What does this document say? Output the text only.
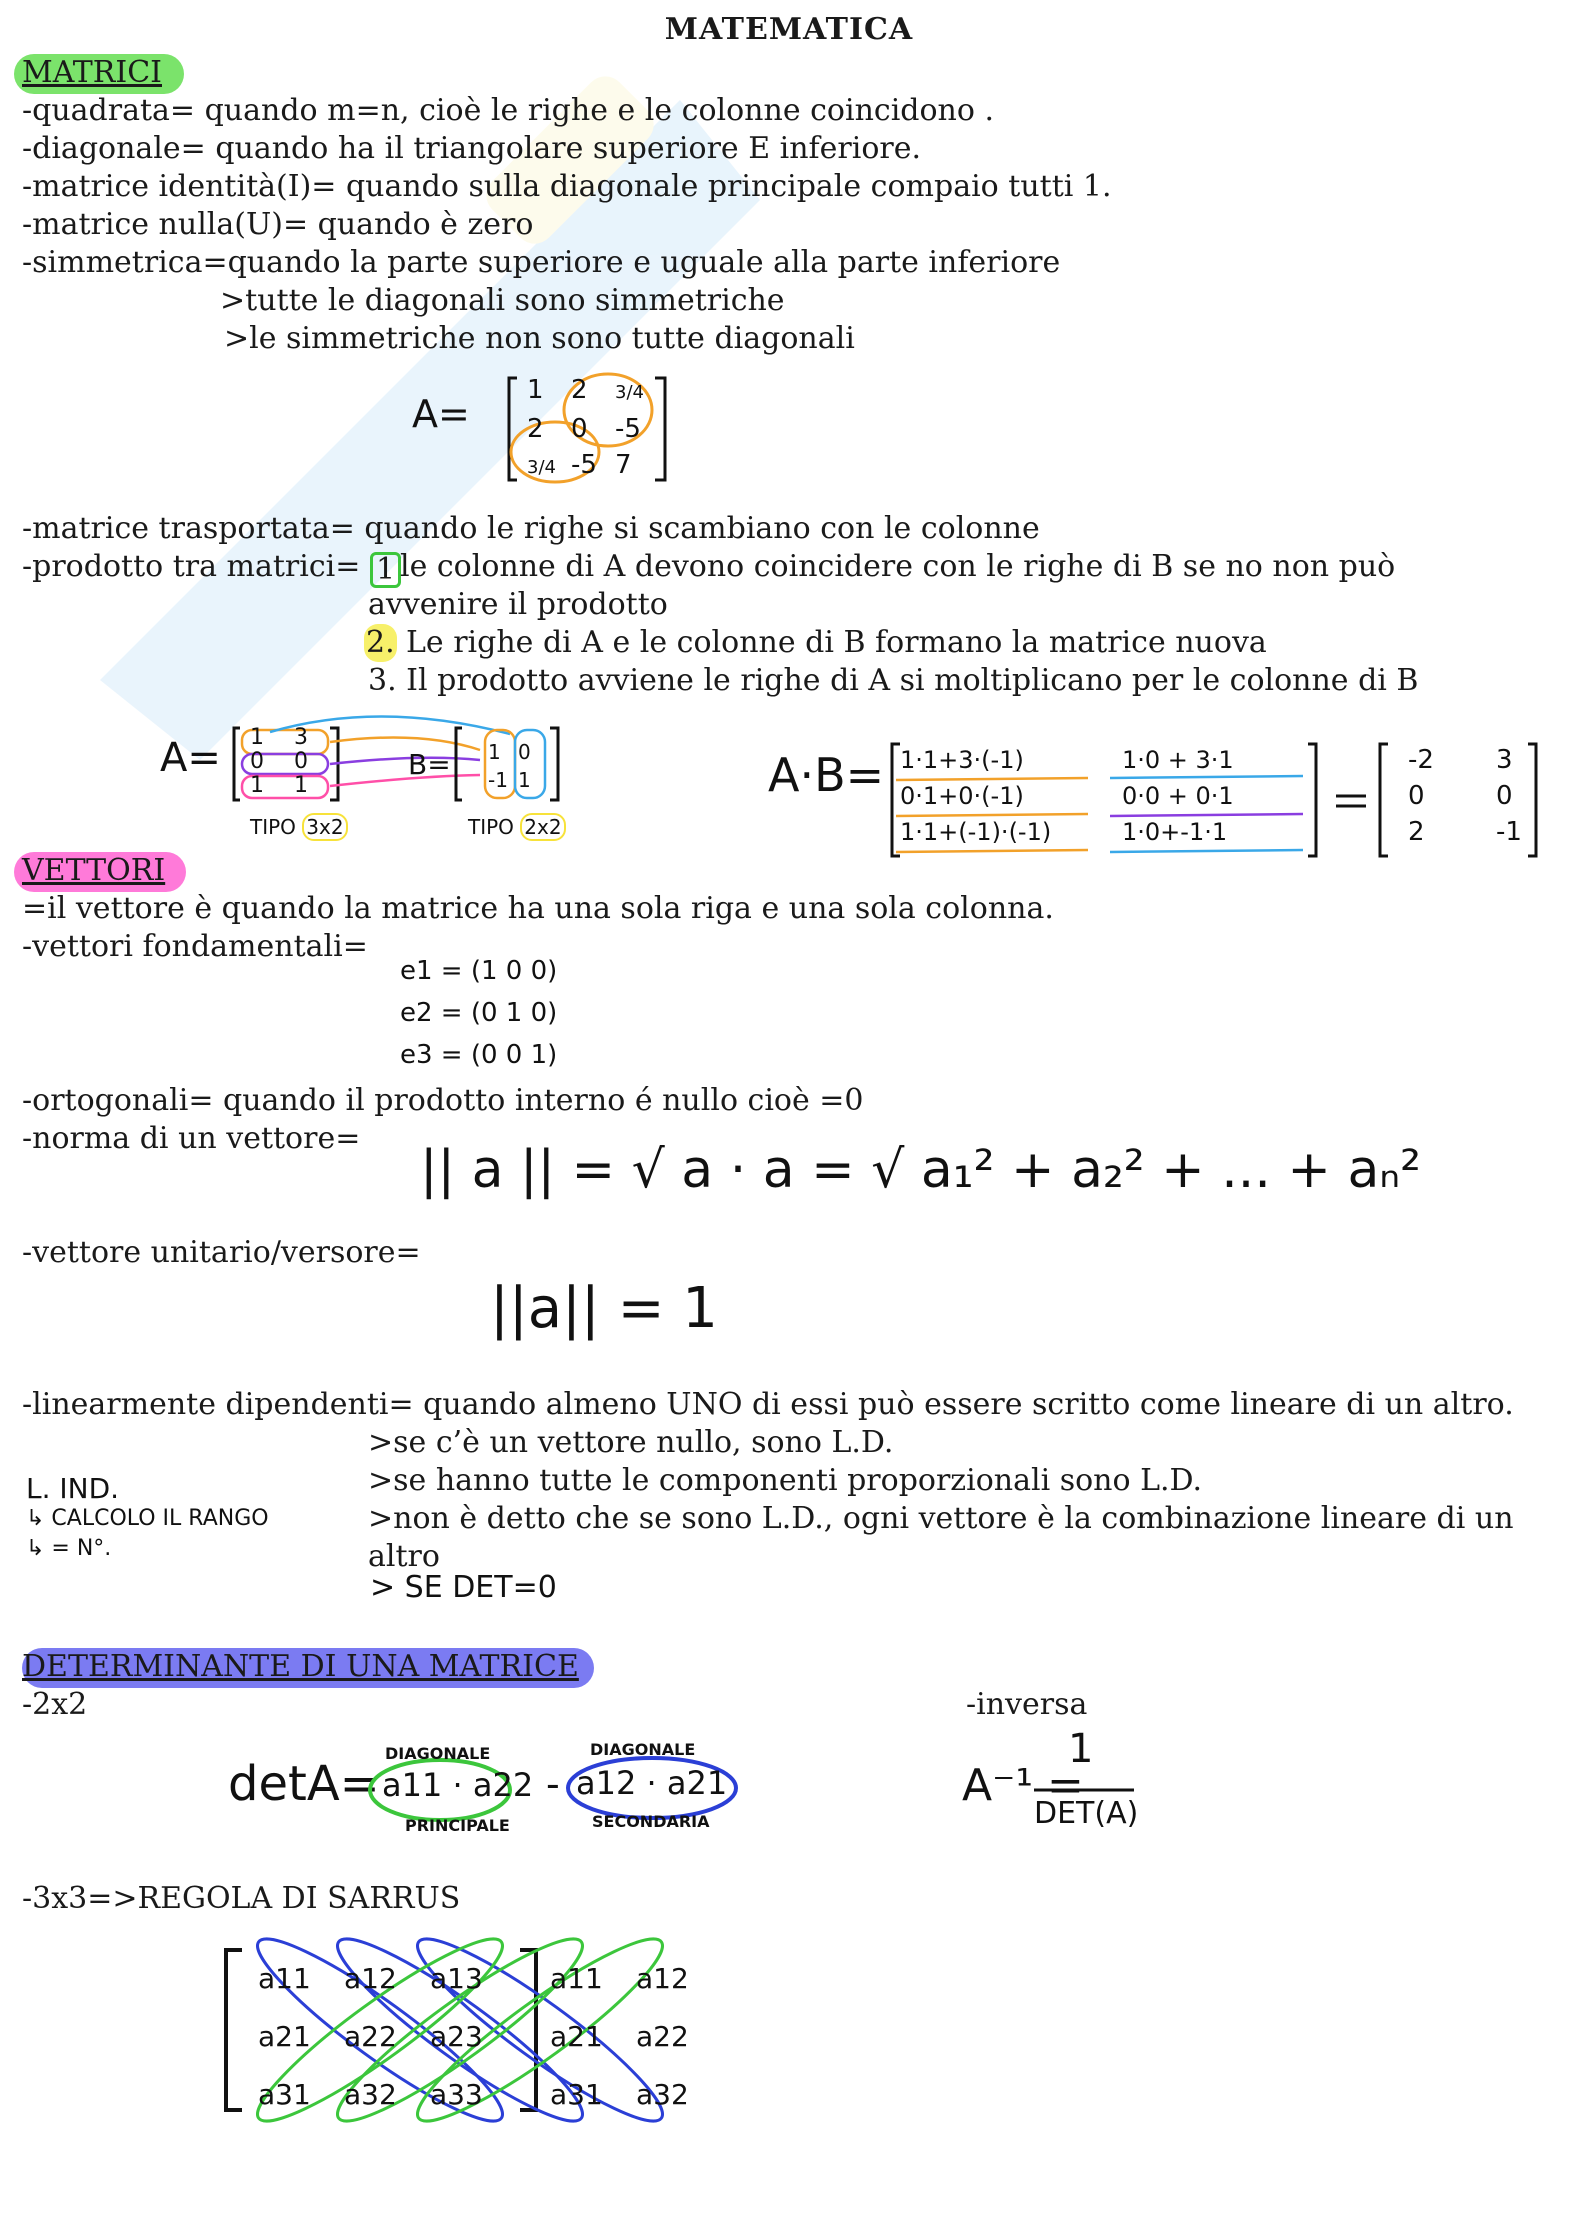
MATEMATICA
MATRICI
-quadrata= quando m=n, cioè le righe e le colonne coincidono .
-diagonale= quando ha il triangolare superiore E inferiore.
-matrice identità(I)= quando sulla diagonale principale compaio tutti 1.
-matrice nulla(U)= quando è zero
-simmetrica=quando la parte superiore e uguale alla parte inferiore
>tutte le diagonali sono simmetriche
>le simmetriche non sono tutte diagonali
A=
1 2 3/4
2 0 -5
3/4 -5 7
-matrice trasportata= quando le righe si scambiano con le colonne
-prodotto tra matrici= 1 le colonne di A devono coincidere con le righe di B se no non può
avvenire il prodotto
2. Le righe di A e le colonne di B formano la matrice nuova
3. Il prodotto avviene le righe di A si moltiplicano per le colonne di B
A= 1 3
0 0
1 1
B= 1 0
-1 1
TIPO 3x2	TIPO 2x2
A·B= 1·1+3·(-1)	1·0 + 3·1
0·1+0·(-1)	0·0 + 0·1
1·1+(-1)·(-1)	1·0+-1·1
-2 3
0	0
2	-1
VETTORI
=il vettore è quando la matrice ha una sola riga e una sola colonna.
-vettori fondamentali=
e1 = (1 0 0)
e2 = (0 1 0)
e3 = (0 0 1)
-ortogonali= quando il prodotto interno é nullo cioè =0
-norma di un vettore=
|| a || = √ a · a = √ a₁² + a₂² + ... + aₙ²
-vettore unitario/versore=
||a|| = 1
-linearmente dipendenti= quando almeno UNO di essi può essere scritto come lineare di un altro.
>se c’è un vettore nullo, sono L.D.
>se hanno tutte le componenti proporzionali sono L.D.
>non è detto che se sono L.D., ogni vettore è la combinazione lineare di un
altro
> SE DET=0
L. IND.
↳ CALCOLO IL RANGO
↳ = N°.
DETERMINANTE DI UNA MATRICE
-2x2	-inversa
detA=
DIAGONALE
PRINCIPALE
DIAGONALE
SECONDARIA
a11 · a22 - a12 · a21	A⁻¹ =
1
DET(A)
-3x3=>REGOLA DI SARRUS
a11 a12 a13 a11 a12
a21 a22 a23 a21 a22
a31 a32 a33 a31 a32
